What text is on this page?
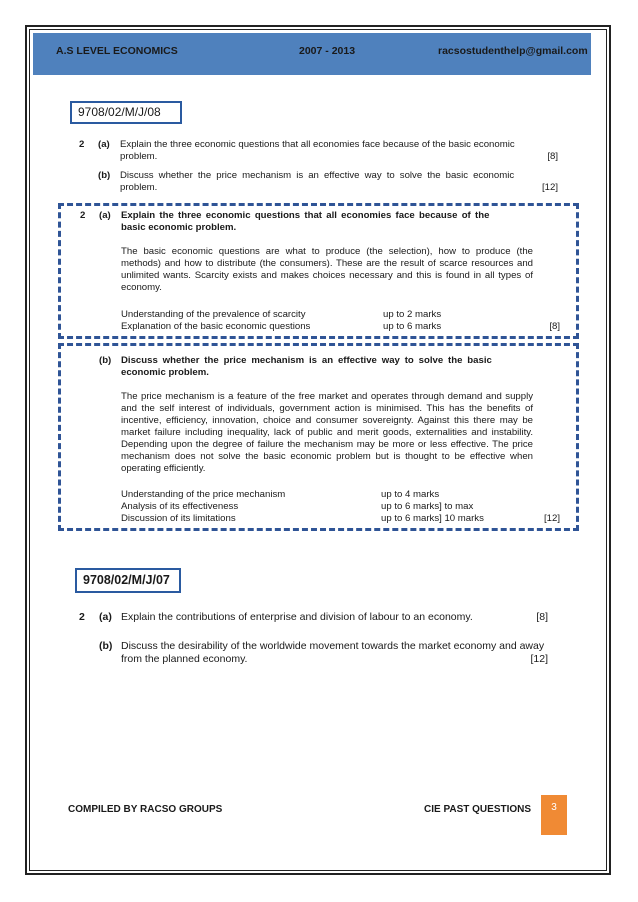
A.S LEVEL ECONOMICS	2007 - 2013	racsostudenthelp@gmail.com
9708/02/M/J/08
2 (a) Explain the three economic questions that all economies face because of the basic economic
problem.	[8]
(b) Discuss whether the price mechanism is an effective way to solve the basic economic
problem.	[12]
2 (a) Explain the three economic questions that all economies face because of the
basic economic problem.
The basic economic questions are what to produce (the selection), how to produce (the methods) and how to distribute (the consumers). These are the result of scarce resources and unlimited wants. Scarcity exists and makes choices necessary and this is found in all types of economy.
Understanding of the prevalence of scarcity	up to 2 marks
Explanation of the basic economic questions	up to 6 marks	[8]
(b) Discuss whether the price mechanism is an effective way to solve the basic
economic problem.
The price mechanism is a feature of the free market and operates through demand and supply and the self interest of individuals, government action is minimised. This has the benefits of incentive, efficiency, innovation, choice and consumer sovereignty. Against this there may be market failure including inequality, lack of public and merit goods, externalities and instability. Depending upon the degree of failure the mechanism may be more or less effective. The price mechanism does not solve the basic economic problem but is thought to be effective when operating efficiently.
Understanding of the price mechanism	up to 4 marks
Analysis of its effectiveness	up to 6 marks] to max
Discussion of its limitations	up to 6 marks] 10 marks	[12]
9708/02/M/J/07
2 (a) Explain the contributions of enterprise and division of labour to an economy.	[8]
(b) Discuss the desirability of the worldwide movement towards the market economy and away
from the planned economy.	[12]
COMPILED BY RACSO GROUPS	CIE PAST QUESTIONS	3
